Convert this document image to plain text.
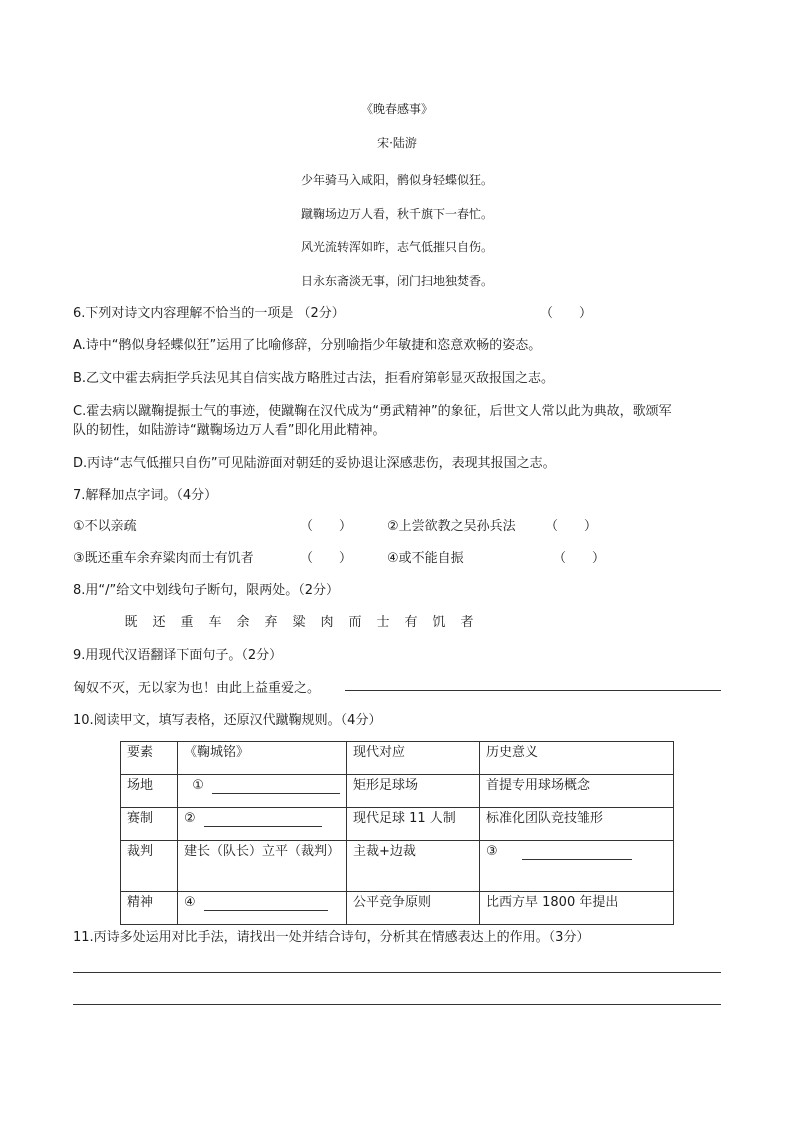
《晚春感事》
宋·陆游
少年骑马入咸阳，鹘似身轻蝶似狂。
蹴鞠场边万人看，秋千旗下一春忙。
风光流转浑如昨，志气低摧只自伤。
日永东斋淡无事，闭门扫地独焚香。
6.下列对诗文内容理解不恰当的一项是 （2分）	（　　）
A.诗中“鹘似身轻蝶似狂”运用了比喻修辞，分别喻指少年敏捷和恣意欢畅的姿态。
B.乙文中霍去病拒学兵法见其自信实战方略胜过古法，拒看府第彰显灭敌报国之志。
C.霍去病以蹴鞠提振士气的事迹，使蹴鞠在汉代成为“勇武精神”的象征，后世文人常以此为典故，歌颂军
队的韧性，如陆游诗“蹴鞠场边万人看”即化用此精神。
D.丙诗“志气低摧只自伤”可见陆游面对朝廷的妥协退让深感悲伤，表现其报国之志。
7.解释加点字词。（4分）
①不以亲疏	（　　）	②上尝欲教之吴孙兵法 （　　）
③既还重车余弃粱肉而士有饥者	（　　）	④或不能自振	（　　）
8.用“/”给文中划线句子断句，限两处。（2分）
既 还 重 车 余 弃 粱 肉 而 士 有 饥 者
9.用现代汉语翻译下面句子。（2分）
匈奴不灭，无以家为也！由此上益重爱之。
10.阅读甲文，填写表格，还原汉代蹴鞠规则。（4分）
要素	《鞠城铭》	现代对应	历史意义
场地	①	矩形足球场	首提专用球场概念
赛制	②	现代足球 11 人制	标准化团队竞技雏形
裁判	建长（队长）立平（裁判）	主裁+边裁	③
精神	④	公平竞争原则	比西方早 1800 年提出
11.丙诗多处运用对比手法，请找出一处并结合诗句，分析其在情感表达上的作用。（3分）
